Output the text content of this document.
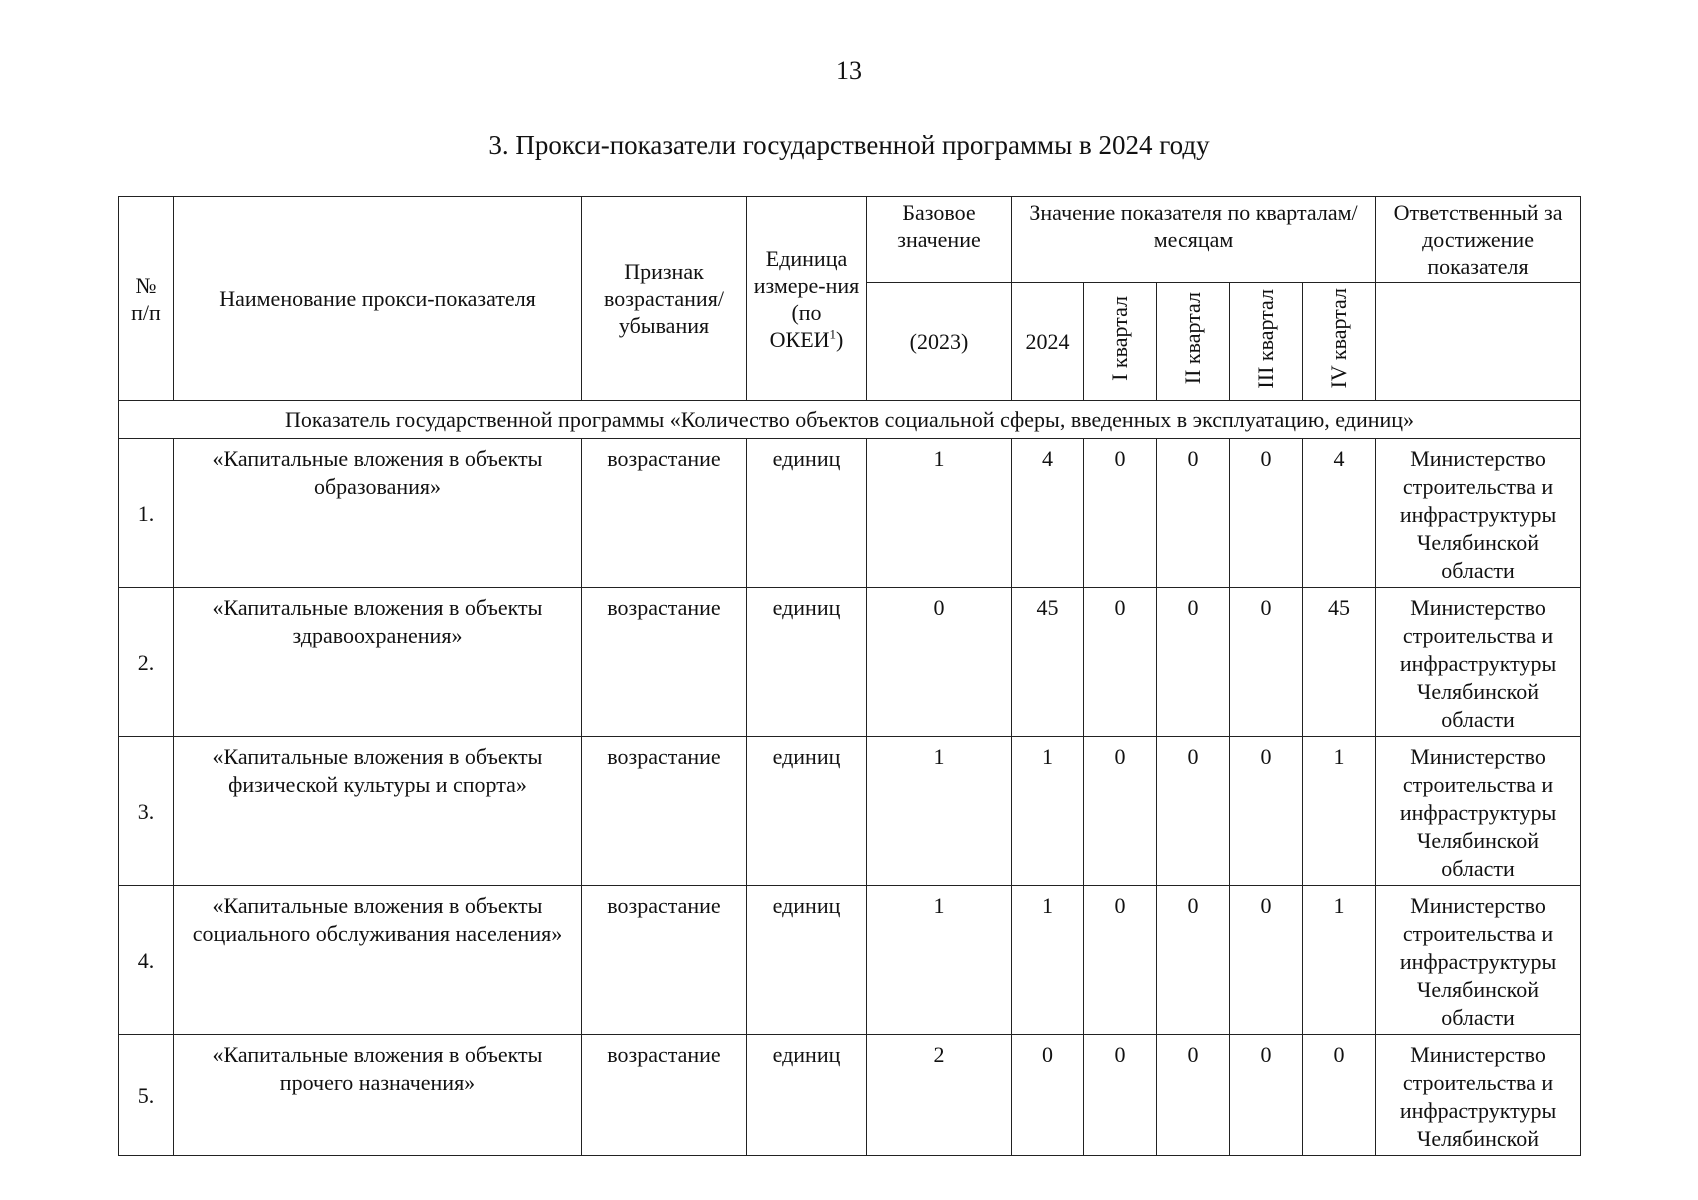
13
3. Прокси-показатели государственной программы в 2024 году
№ п/п	Наименование прокси-показателя	Признак возрастания/ убывания	Единица измере-ния (по ОКЕИ$^1$)	Базовое значение	Значение показателя по кварталам/месяцам					Ответственный за достижение показателя
				(2023)	2024	I квартал	II квартал	III квартал	IV квартал	
Показатель государственной программы «Количество объектов социальной сферы, введенных в эксплуатацию, единиц»										
1.	«Капитальные вложения в объекты образования»	возрастание	единиц	1	4	0	0	0	4	Министерство строительства и инфраструктуры Челябинской области

2.	«Капитальные вложения в объекты здравоохранения»	возрастание	единиц	0	45	0	0	0	45	Министерство строительства и инфраструктуры Челябинской области

3.	«Капитальные вложения в объекты физической культуры и спорта»	возрастание	единиц	1	1	0	0	0	1	Министерство строительства и инфраструктуры Челябинской области

4.	«Капитальные вложения в объекты социального обслуживания населения»	возрастание	единиц	1	1	0	0	0	1	Министерство строительства и инфраструктуры Челябинской области

5.	«Капитальные вложения в объекты прочего назначения»	возрастание	единиц	2	0	0	0	0	0	Министерство строительства и инфраструктуры Челябинской
